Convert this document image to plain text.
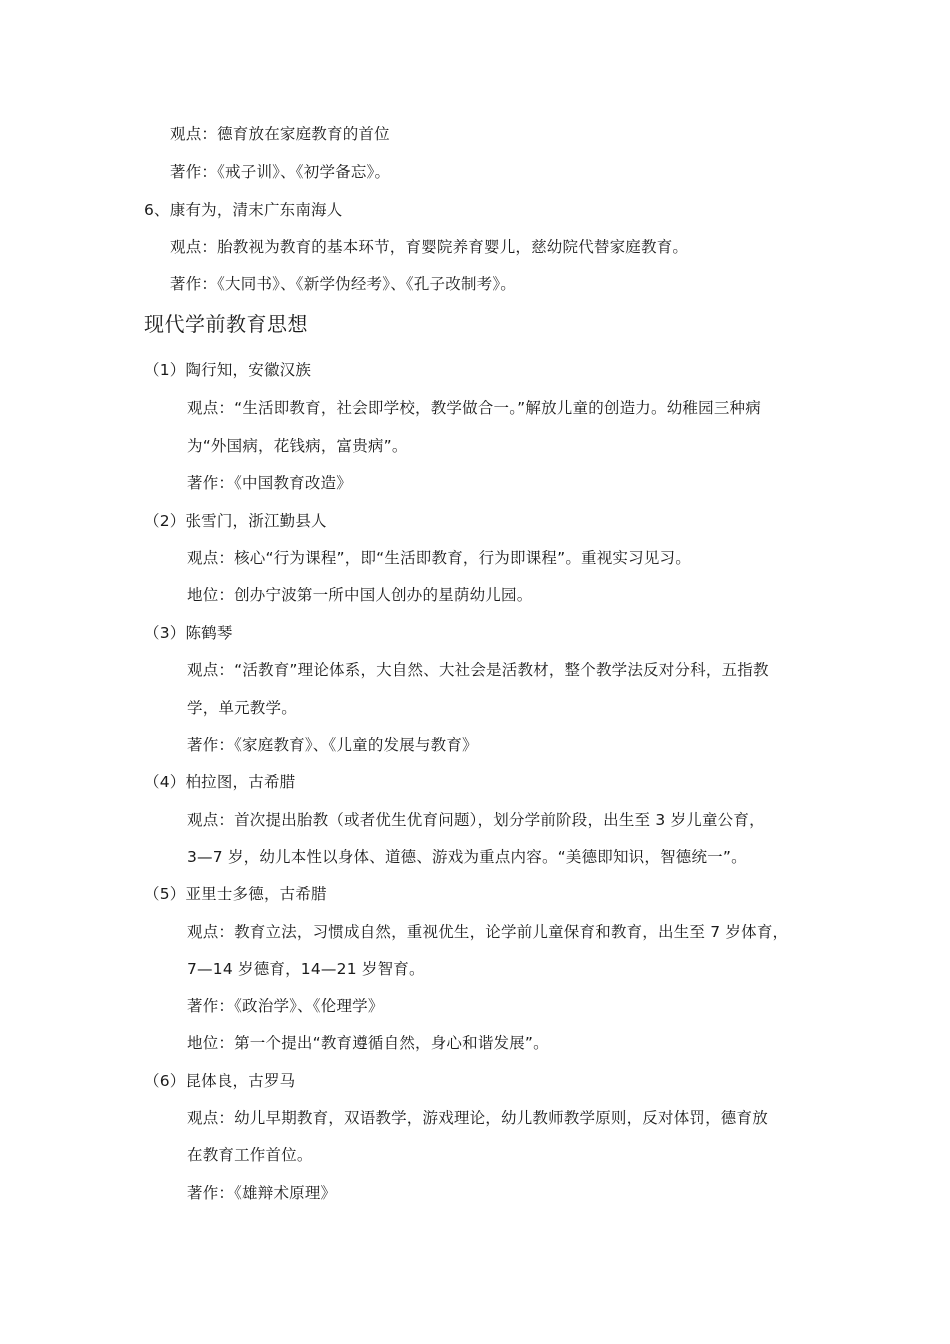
观点：德育放在家庭教育的首位
著作：《戒子训》、《初学备忘》。
6、康有为，清末广东南海人
观点：胎教视为教育的基本环节，育婴院养育婴儿，慈幼院代替家庭教育。
著作：《大同书》、《新学伪经考》、《孔子改制考》。
现代学前教育思想
（1）陶行知，安徽汉族
观点：“生活即教育，社会即学校，教学做合一。”解放儿童的创造力。幼稚园三种病
为“外国病，花钱病，富贵病”。
著作：《中国教育改造》
（2）张雪门，浙江勤县人
观点：核心“行为课程”，即“生活即教育，行为即课程”。重视实习见习。
地位：创办宁波第一所中国人创办的星荫幼儿园。
（3）陈鹤琴
观点：“活教育”理论体系，大自然、大社会是活教材，整个教学法反对分科，五指教
学，单元教学。
著作：《家庭教育》、《儿童的发展与教育》
（4）柏拉图，古希腊
观点：首次提出胎教（或者优生优育问题），划分学前阶段，出生至 3 岁儿童公育，
3—7 岁，幼儿本性以身体、道德、游戏为重点内容。“美德即知识，智德统一”。
（5）亚里士多德，古希腊
观点：教育立法，习惯成自然，重视优生，论学前儿童保育和教育，出生至 7 岁体育，
7—14 岁德育，14—21 岁智育。
著作：《政治学》、《伦理学》
地位：第一个提出“教育遵循自然，身心和谐发展”。
（6）昆体良，古罗马
观点：幼儿早期教育，双语教学，游戏理论，幼儿教师教学原则，反对体罚，德育放
在教育工作首位。
著作：《雄辩术原理》
